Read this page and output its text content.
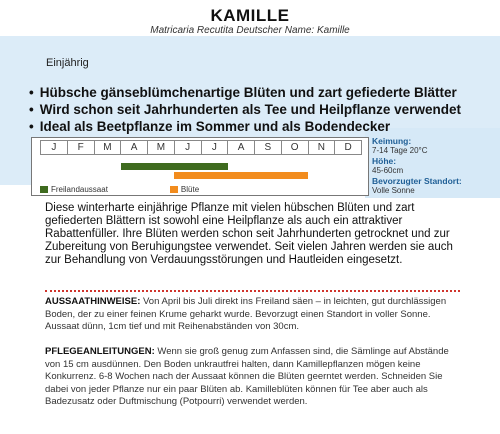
KAMILLE
Matricaria Recutita Deutscher Name: Kamille
Einjährig
• Hübsche gänseblümchenartige Blüten und zart gefiederte Blätter
• Wird schon seit Jahrhunderten als Tee und Heilpflanze verwendet
• Ideal als Beetpflanze im Sommer und als Bodendecker
J	F	M	A	M	J	J	A	S	O	N	D
Freilandaussaat	Blüte
Keimung:
7-14 Tage 20°C
Höhe:
45-60cm
Bevorzugter Standort:
Volle Sonne
Diese winterharte einjährige Pflanze mit vielen hübschen Blüten und zart gefiederten Blättern ist sowohl eine Heilpflanze als auch ein attraktiver Rabattenfüller. Ihre Blüten werden schon seit Jahrhunderten getrocknet und zur Zubereitung von Beruhigungstee verwendet. Seit vielen Jahren werden sie auch zur Behandlung von Verdauungsstörungen und Hautleiden eingesetzt.
AUSSAATHINWEISE: Von April bis Juli direkt ins Freiland säen – in leichten, gut durchlässigen Boden, der zu einer feinen Krume geharkt wurde. Bevorzugt einen Standort in voller Sonne. Aussaat dünn, 1cm tief und mit Reihenabständen von 30cm.
PFLEGEANLEITUNGEN: Wenn sie groß genug zum Anfassen sind, die Sämlinge auf Abstände von 15 cm ausdünnen. Den Boden unkrautfrei halten, dann Kamillepflanzen mögen keine Konkurrenz. 6-8 Wochen nach der Aussaat können die Blüten geerntet werden. Schneiden Sie dabei von jeder Pflanze nur ein paar Blüten ab. Kamilleblüten können für Tee aber auch als Badezusatz oder Duftmischung (Potpourri) verwendet werden.
